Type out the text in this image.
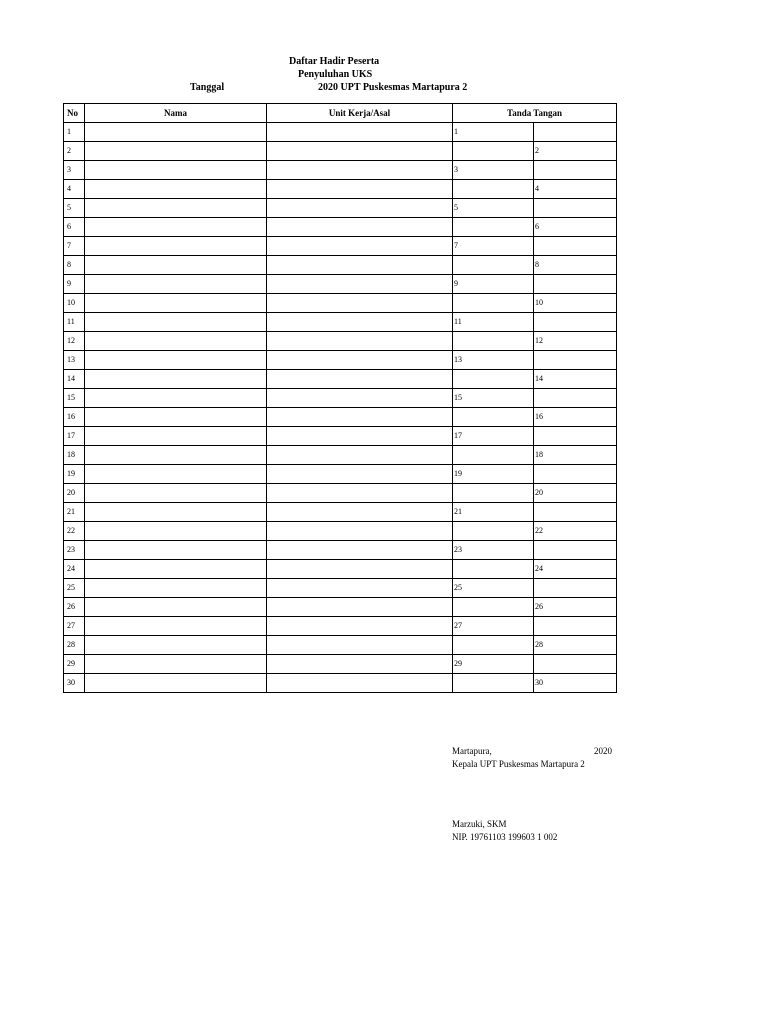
Daftar Hadir Peserta
Penyuluhan UKS
Tanggal	2020 UPT Puskesmas Martapura 2
No	Nama	Unit Kerja/Asal	Tanda Tangan	
1			1	
2				2
3			3	
4				4
5			5	
6				6
7			7	
8				8
9			9	
10				10
11			11	
12				12
13			13	
14				14
15			15	
16				16
17			17	
18				18
19			19	
20				20
21			21	
22				22
23			23	
24				24
25			25	
26				26
27			27	
28				28
29			29	
30				30
Martapura,	2020
Kepala UPT Puskesmas Martapura 2
Marzuki, SKM
NIP. 19761103 199603 1 002
